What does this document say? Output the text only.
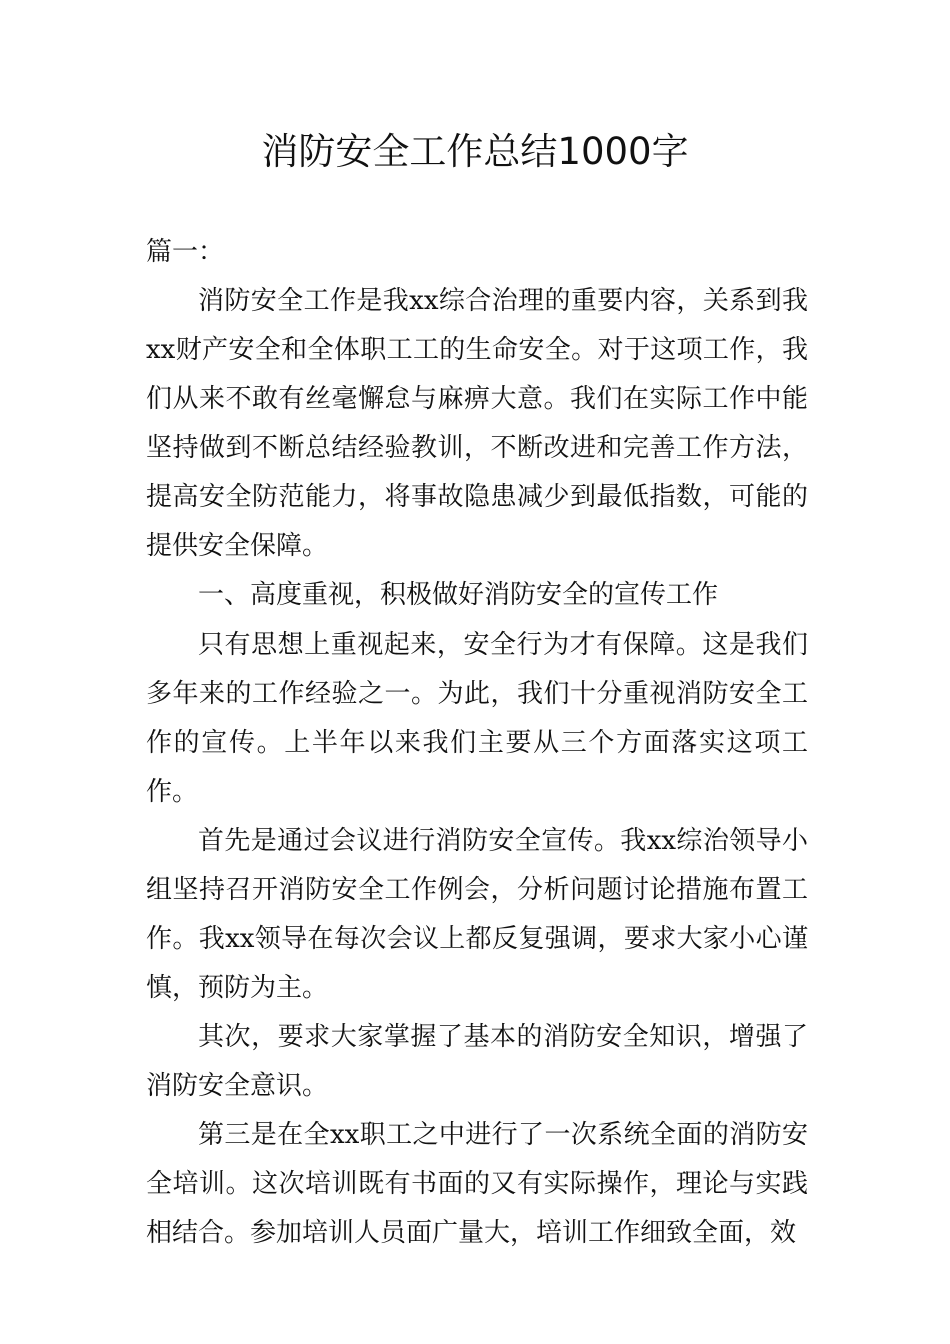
消防安全工作总结1000字

篇一：

消防安全工作是我xx综合治理的重要内容，关系到我xx财产安全和全体职工工的生命安全。对于这项工作，我们从来不敢有丝毫懈怠与麻痹大意。我们在实际工作中能坚持做到不断总结经验教训，不断改进和完善工作方法，提高安全防范能力，将事故隐患减少到最低指数，可能的提供安全保障。

一、高度重视，积极做好消防安全的宣传工作

只有思想上重视起来，安全行为才有保障。这是我们多年来的工作经验之一。为此，我们十分重视消防安全工作的宣传。上半年以来我们主要从三个方面落实这项工作。

首先是通过会议进行消防安全宣传。我xx综治领导小组坚持召开消防安全工作例会，分析问题讨论措施布置工作。我xx领导在每次会议上都反复强调，要求大家小心谨慎，预防为主。

其次，要求大家掌握了基本的消防安全知识，增强了消防安全意识。

第三是在全xx职工之中进行了一次系统全面的消防安全培训。这次培训既有书面的又有实际操作，理论与实践相结合。参加培训人员面广量大，培训工作细致全面，效
